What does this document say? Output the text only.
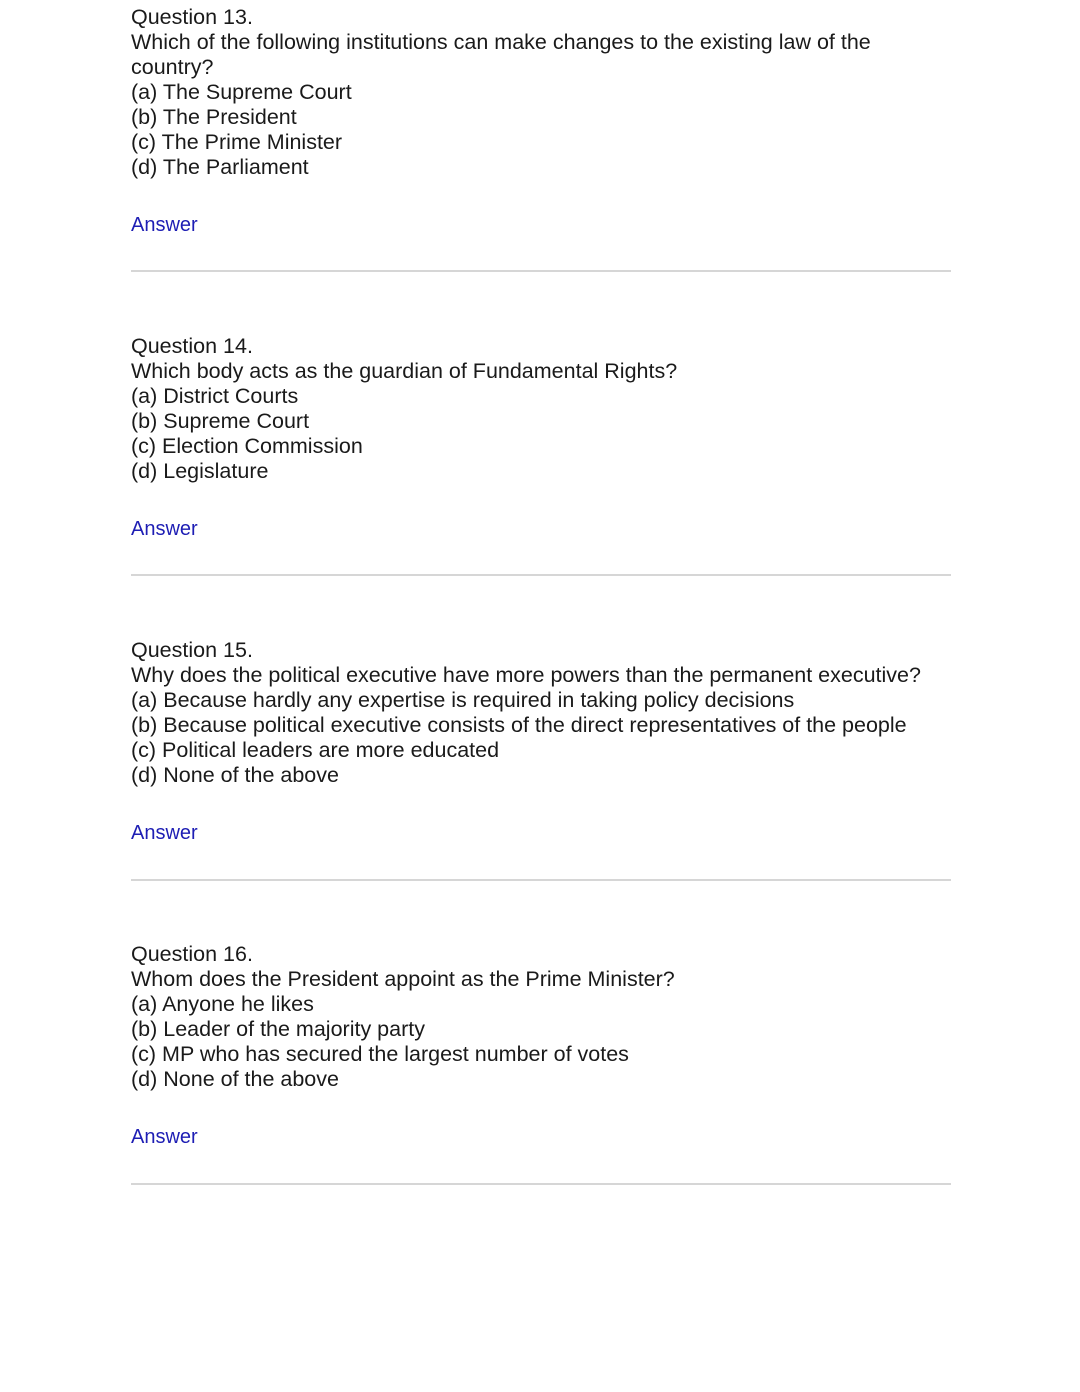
Question 13.

Which of the following institutions can make changes to the existing law of the country?

(a) The Supreme Court

(b) The President

(c) The Prime Minister

(d) The Parliament

Answer

Question 14.

Which body acts as the guardian of Fundamental Rights?

(a) District Courts

(b) Supreme Court

(c) Election Commission

(d) Legislature

Answer

Question 15.

Why does the political executive have more powers than the permanent executive?

(a) Because hardly any expertise is required in taking policy decisions

(b) Because political executive consists of the direct representatives of the people

(c) Political leaders are more educated

(d) None of the above

Answer

Question 16.

Whom does the President appoint as the Prime Minister?

(a) Anyone he likes

(b) Leader of the majority party

(c) MP who has secured the largest number of votes

(d) None of the above

Answer
